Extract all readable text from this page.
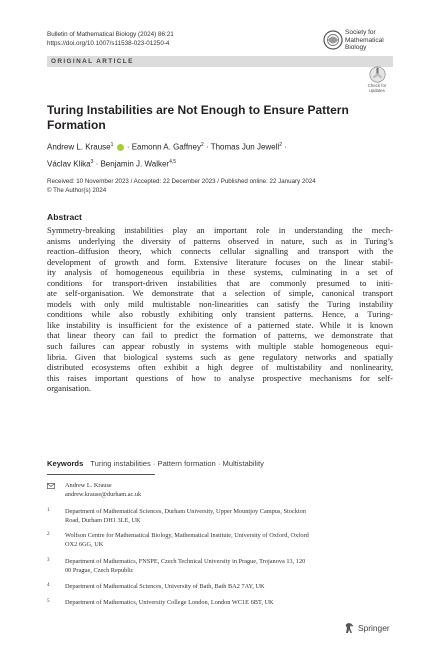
Bulletin of Mathematical Biology (2024) 86:21
https://doi.org/10.1007/s11538-023-01250-4
Society for
Mathematical
Biology
ORIGINAL ARTICLE
Check for
updates
Turing Instabilities are Not Enough to Ensure Pattern
Formation
Andrew L. Krause$^1$  · Eamonn A. Gaffney$^2$ · Thomas Jun Jewell$^2$ ·
Václav Klika$^3$ · Benjamin J. Walker$^{4,5}$
Received: 10 November 2023 / Accepted: 22 December 2023 / Published online: 22 January 2024
© The Author(s) 2024
Abstract
Symmetry-breaking instabilities play an important role in understanding the mech-
anisms underlying the diversity of patterns observed in nature, such as in Turing’s
reaction–diffusion theory, which connects cellular signalling and transport with the
development of growth and form. Extensive literature focuses on the linear stabil-
ity analysis of homogeneous equilibria in these systems, culminating in a set of
conditions for transport-driven instabilities that are commonly presumed to initi-
ate self-organisation. We demonstrate that a selection of simple, canonical transport
models with only mild multistable non-linearities can satisfy the Turing instability
conditions while also robustly exhibiting only transient patterns. Hence, a Turing-
like instability is insufficient for the existence of a patterned state. While it is known
that linear theory can fail to predict the formation of patterns, we demonstrate that
such failures can appear robustly in systems with multiple stable homogeneous equi-
libria. Given that biological systems such as gene regulatory networks and spatially
distributed ecosystems often exhibit a high degree of multistability and nonlinearity,
this raises important questions of how to analyse prospective mechanisms for self-
organisation.
Keywords Turing instabilities · Pattern formation · Multistability
Andrew L. Krause
andrew.krause@durham.ac.uk
1 Department of Mathematical Sciences, Durham University, Upper Mountjoy Campus, Stockton
Road, Durham DH1 3LE, UK
2 Wolfson Centre for Mathematical Biology, Mathematical Institute, University of Oxford, Oxford
OX2 6GG, UK
3 Department of Mathematics, FNSPE, Czech Technical University in Prague, Trojanova 13, 120
00 Prague, Czech Republic
4 Department of Mathematical Sciences, University of Bath, Bath BA2 7AY, UK
5 Department of Mathematics, University College London, London WC1E 6BT, UK
Springer
